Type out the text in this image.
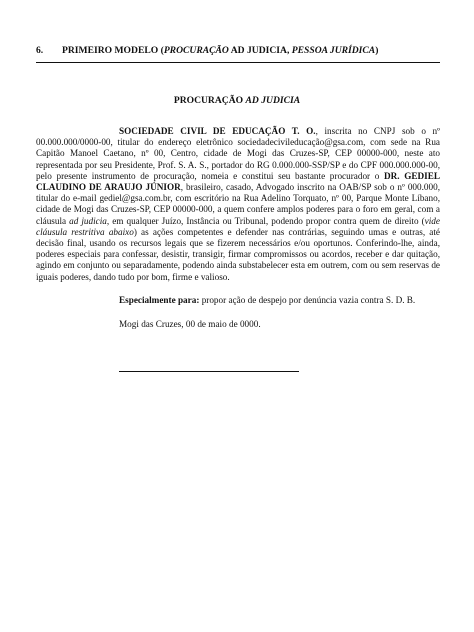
6. PRIMEIRO MODELO (PROCURAÇÃO AD JUDICIA, PESSOA JURÍDICA)
PROCURAÇÃO AD JUDICIA

SOCIEDADE CIVIL DE EDUCAÇÃO T. O., inscrita no CNPJ sob o nº 00.000.000/0000-00, titular do endereço eletrônico sociedadecivileducação@gsa.com, com sede na Rua Capitão Manoel Caetano, nº 00, Centro, cidade de Mogi das Cruzes-SP, CEP 00000-000, neste ato representada por seu Presidente, Prof. S. A. S., portador do RG 0.000.000-SSP/SP e do CPF 000.000.000-00, pelo presente instrumento de procuração, nomeia e constitui seu bastante procurador o DR. GEDIEL CLAUDINO DE ARAUJO JÚNIOR, brasileiro, casado, Advogado inscrito na OAB/SP sob o nº 000.000, titular do e-mail gediel@gsa.com.br, com escritório na Rua Adelino Torquato, nº 00, Parque Monte Líbano, cidade de Mogi das Cruzes-SP, CEP 00000-000, a quem confere amplos poderes para o foro em geral, com a cláusula ad judicia, em qualquer Juízo, Instância ou Tribunal, podendo propor contra quem de direito (vide cláusula restritiva abaixo) as ações competentes e defender nas contrárias, seguindo umas e outras, até decisão final, usando os recursos legais que se fizerem necessários e/ou oportunos. Conferindo-lhe, ainda, poderes especiais para confessar, desistir, transigir, firmar compromissos ou acordos, receber e dar quitação, agindo em conjunto ou separadamente, podendo ainda substabelecer esta em outrem, com ou sem reservas de iguais poderes, dando tudo por bom, firme e valioso.

Especialmente para: propor ação de despejo por denúncia vazia contra S. D. B.

Mogi das Cruzes, 00 de maio de 0000.
